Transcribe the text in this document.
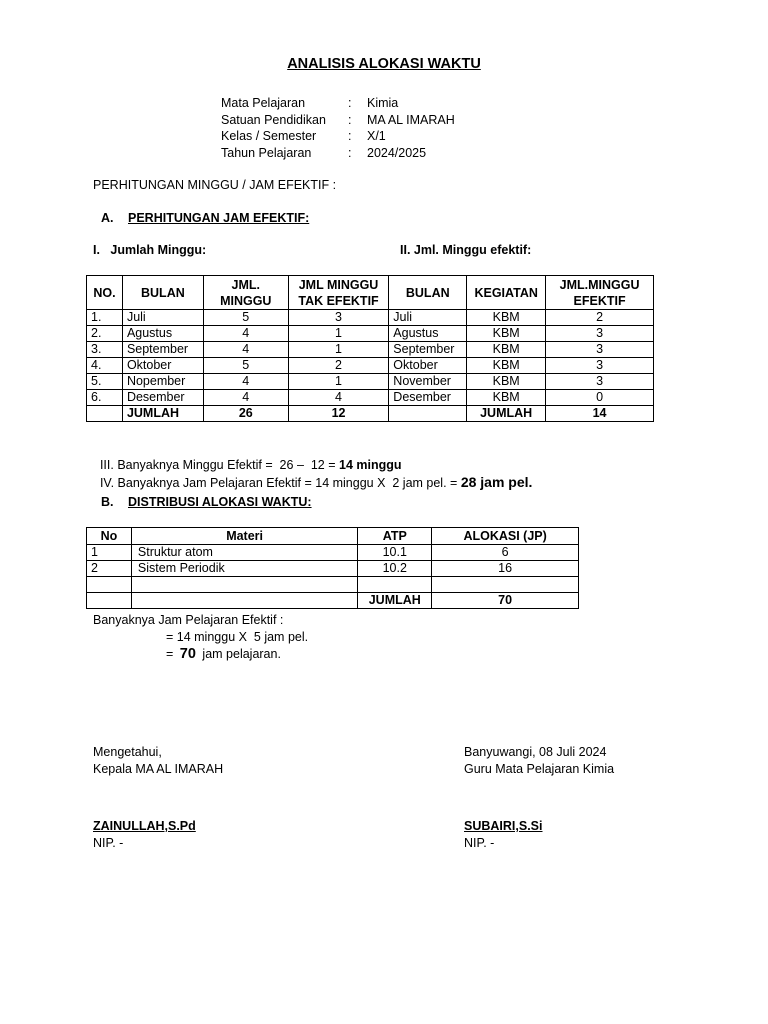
ANALISIS ALOKASI WAKTU
Mata Pelajaran	: Kimia
Satuan Pendidikan : MA AL IMARAH
Kelas / Semester	: X/1
Tahun Pelajaran	: 2024/2025
PERHITUNGAN MINGGU / JAM EFEKTIF :
A. PERHITUNGAN JAM EFEKTIF:
I.   Jumlah Minggu:	II. Jml. Minggu efektif:
NO.	BULAN	JML. MINGGU	JML MINGGU TAK EFEKTIF	BULAN	KEGIATAN	JML.MINGGU EFEKTIF
1.	Juli	5	3	Juli	KBM	2
2.	Agustus	4	1	Agustus	KBM	3
3.	September	4	1	September	KBM	3
4.	Oktober	5	2	Oktober	KBM	3
5.	Nopember	4	1	November	KBM	3
6.	Desember	4	4	Desember	KBM	0
	JUMLAH	26	12		JUMLAH	14

III. Banyaknya Minggu Efektif =  26 –  12 = 14 minggu

IV. Banyaknya Jam Pelajaran Efektif = 14 minggu X  2 jam pel. = 28 jam pel.

B. DISTRIBUSI ALOKASI WAKTU:
No	Materi	ATP	ALOKASI (JP)
1	Struktur atom	10.1	6
2	Sistem Periodik	10.2	16

		JUMLAH	70
Banyaknya Jam Pelajaran Efektif :
= 14 minggu X  5 jam pel.
= 70 jam pelajaran.
Mengetahui,
Kepala MA AL IMARAH
ZAINULLAH,S.Pd
NIP. -
Banyuwangi, 08 Juli 2024
Guru Mata Pelajaran Kimia
SUBAIRI,S.Si
NIP. -
